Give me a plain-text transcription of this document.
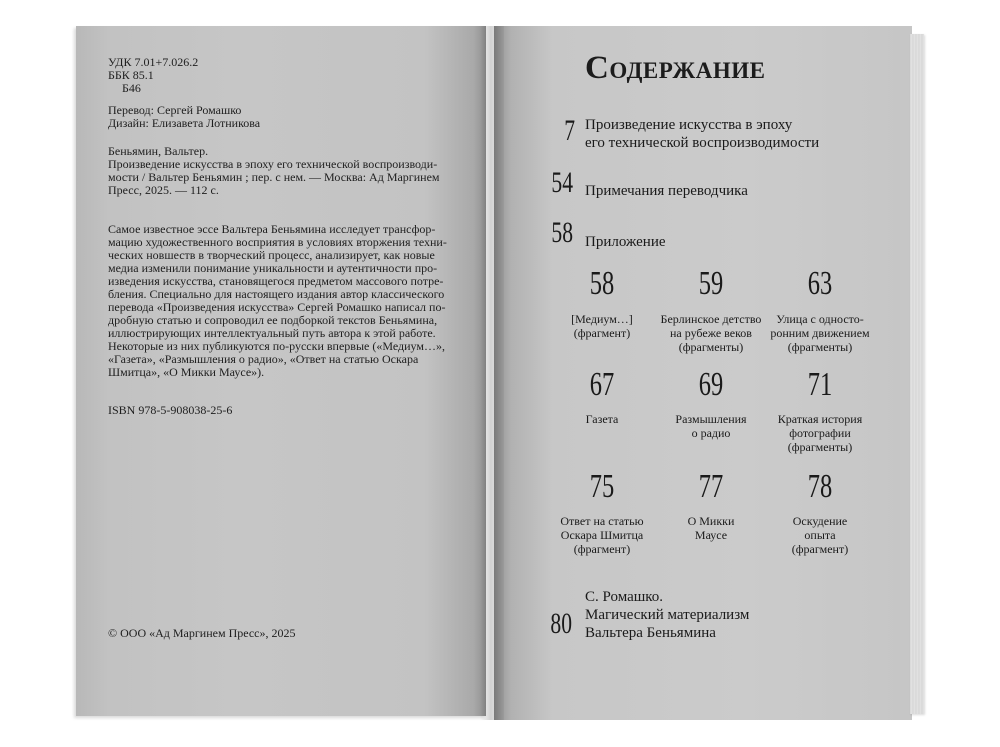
УДК 7.01+7.026.2
ББК 85.1
Б46
Перевод: Сергей Ромашко
Дизайн: Елизавета Лотникова
Беньямин, Вальтер.
Произведение искусства в эпоху его технической воспроизводи-
мости / Вальтер Беньямин ; пер. с нем. — Москва: Ад Маргинем
Пресс, 2025. — 112 с.
Самое известное эссе Вальтера Беньямина исследует трансфор-
мацию художественного восприятия в условиях вторжения техни-
ческих новшеств в творческий процесс, анализирует, как новые
медиа изменили понимание уникальности и аутентичности про-
изведения искусства, становящегося предметом массового потре-
бления. Специально для настоящего издания автор классического
перевода «Произведения искусства» Сергей Ромашко написал по-
дробную статью и сопроводил ее подборкой текстов Беньямина,
иллюстрирующих интеллектуальный путь автора к этой работе.
Некоторые из них публикуются по-русски впервые («Медиум…»,
«Газета», «Размышления о радио», «Ответ на статью Оскара
Шмитца», «О Микки Маусе»).
ISBN 978-5-908038-25-6
© ООО «Ад Маргинем Пресс», 2025
Содержание
7 Произведение искусства в эпоху
его технической воспроизводимости
54 Примечания переводчика
58 Приложение
58
[Медиум…]
(фрагмент)
59
Берлинское детство
на рубеже веков
(фрагменты)
63
Улица с односто-
ронним движением
(фрагменты)
67
Газета
69
Размышления
о радио
71
Краткая история
фотографии
(фрагменты)
75
Ответ на статью
Оскара Шмитца
(фрагмент)
77
О Микки
Маусе
78
Оскудение
опыта
(фрагмент)
80
С. Ромашко.
Магический материализм
Вальтера Беньямина
